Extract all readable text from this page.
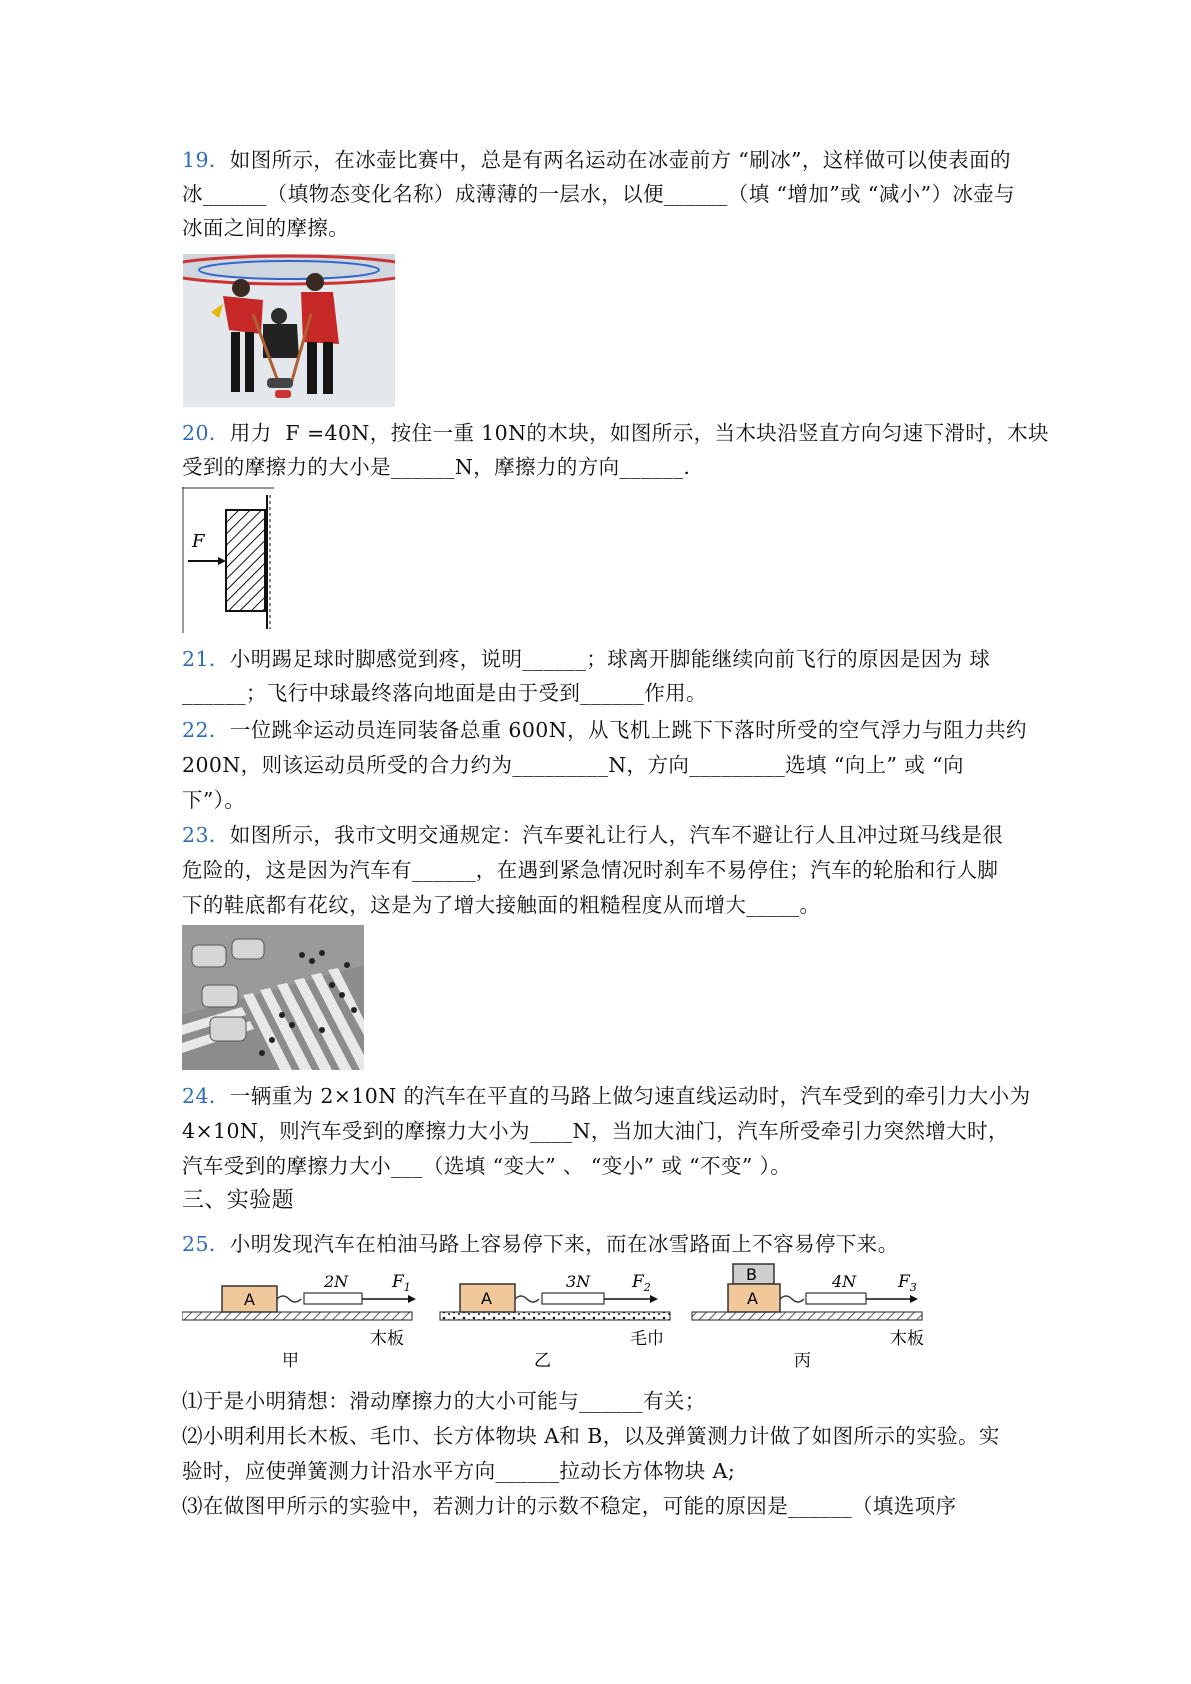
19．如图所示，在冰壶比赛中，总是有两名运动在冰壶前方 “刷冰”，这样做可以使表面的
冰______（填物态变化名称）成薄薄的一层水，以便______（填 “增加”或 “减小”）冰壶与
冰面之间的摩擦。
20．用力  F =40N，按住一重 10N的木块，如图所示，当木块沿竖直方向匀速下滑时，木块
受到的摩擦力的大小是______N，摩擦力的方向______.
F
21．小明踢足球时脚感觉到疼，说明______；球离开脚能继续向前飞行的原因是因为 球
______；飞行中球最终落向地面是由于受到______作用。
22．一位跳伞运动员连同装备总重 600N，从飞机上跳下下落时所受的空气浮力与阻力共约
200N，则该运动员所受的合力约为_________N，方向_________选填 “向上” 或 “向
下”）。
23．如图所示，我市文明交通规定：汽车要礼让行人，汽车不避让行人且冲过斑马线是很
危险的，这是因为汽车有______，在遇到紧急情况时刹车不易停住；汽车的轮胎和行人脚
下的鞋底都有花纹，这是为了增大接触面的粗糙程度从而增大_____。
24．一辆重为 2×10N 的汽车在平直的马路上做匀速直线运动时，汽车受到的牵引力大小为
4×10N，则汽车受到的摩擦力大小为____N，当加大油门，汽车所受牵引力突然增大时，
汽车受到的摩擦力大小___（选填 “变大” 、 “变小” 或 “不变” ）。
三、实验题
25．小明发现汽车在柏油马路上容易停下来，而在冰雪路面上不容易停下来。
A
2N	$F_1$
木板
甲
A
3N $F_2$
毛巾
乙
B
A
4N $F_3$
木板
丙
⑴于是小明猜想：滑动摩擦力的大小可能与______有关；
⑵小明利用长木板、毛巾、长方体物块 A和 B，以及弹簧测力计做了如图所示的实验。实
验时，应使弹簧测力计沿水平方向______拉动长方体物块 A;
⑶在做图甲所示的实验中，若测力计的示数不稳定，可能的原因是______（填选项序
